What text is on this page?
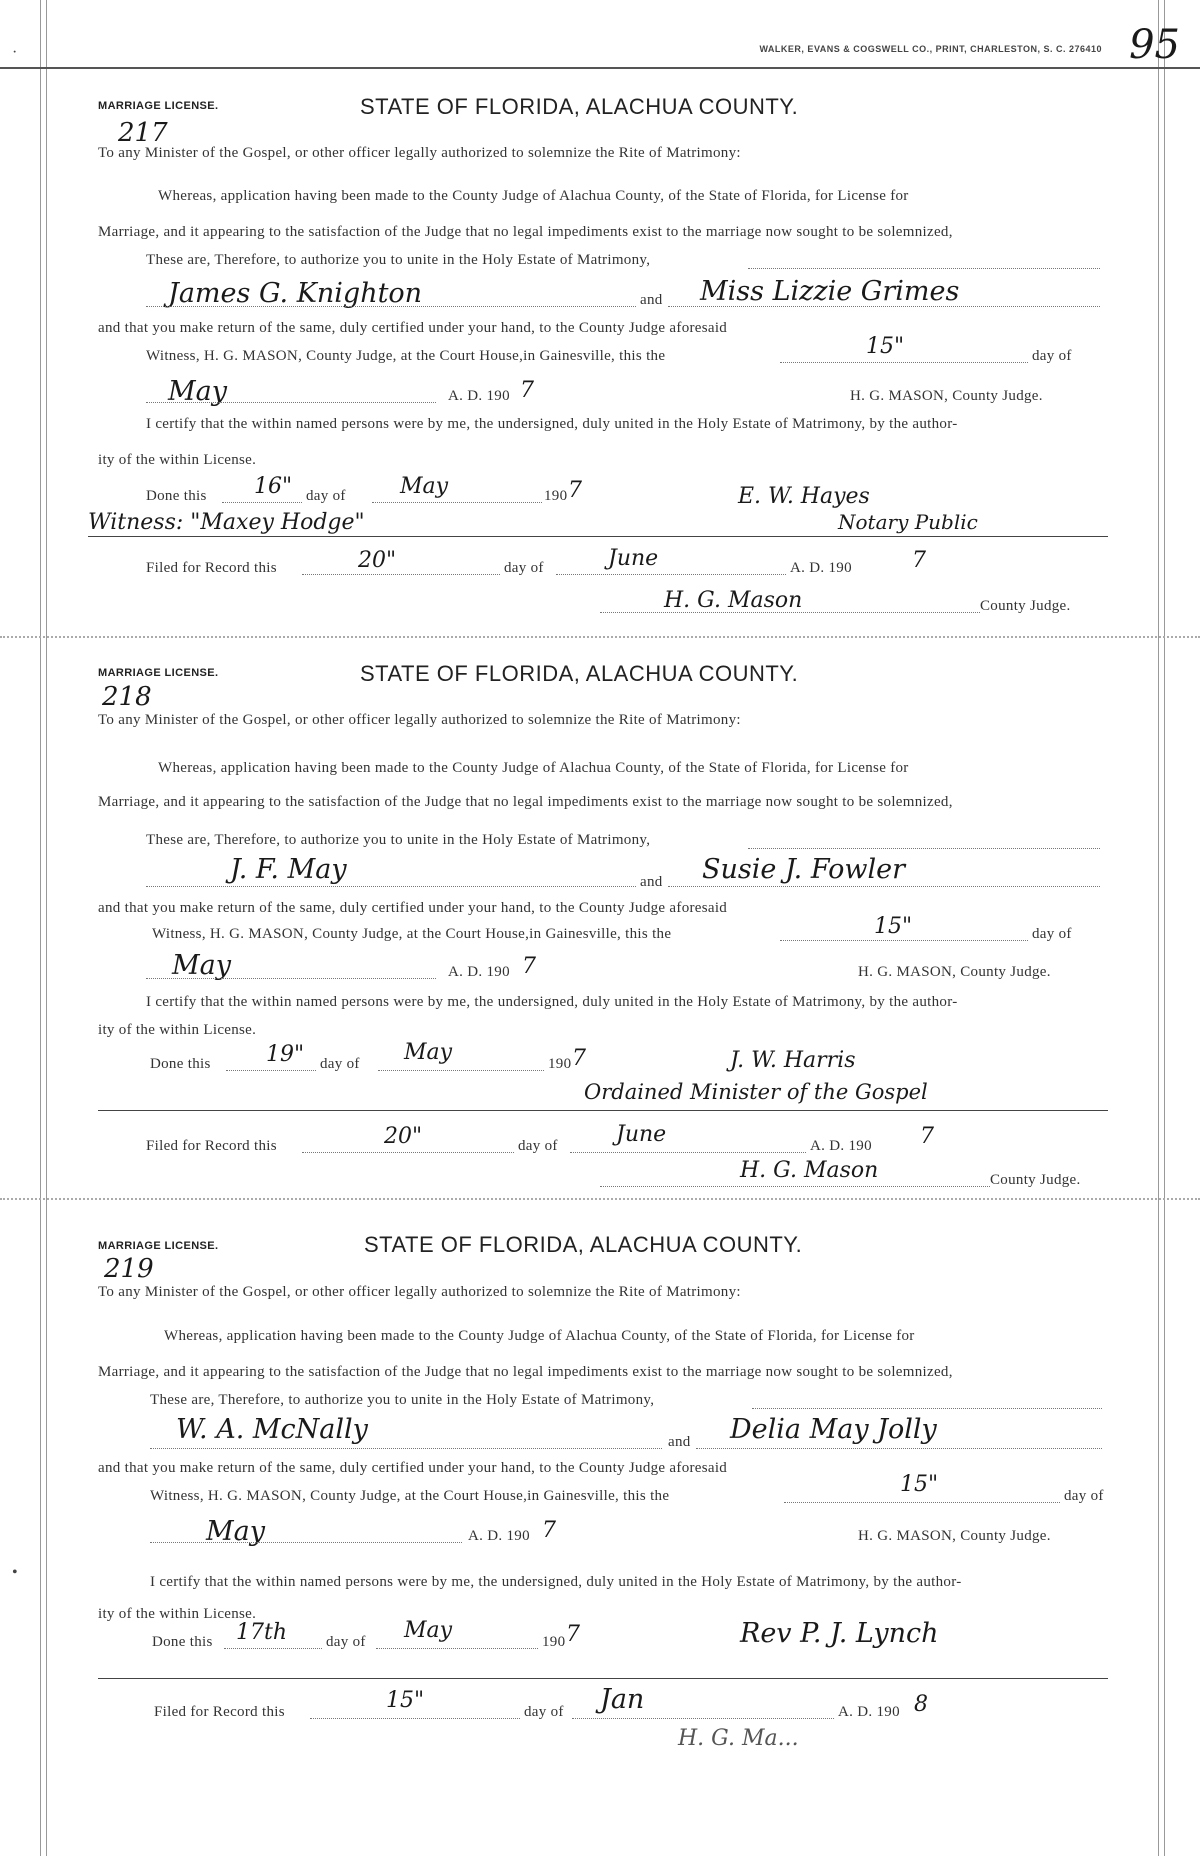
WALKER, EVANS & COGSWELL CO., PRINT, CHARLESTON, S. C. 276410 95
·
•
MARRIAGE LICENSE.	STATE OF FLORIDA, ALACHUA COUNTY.
217
To any Minister of the Gospel, or other officer legally authorized to solemnize the Rite of Matrimony:
Whereas, application having been made to the County Judge of Alachua County, of the State of Florida, for License for
Marriage, and it appearing to the satisfaction of the Judge that no legal impediments exist to the marriage now sought to be solemnized,
These are, Therefore, to authorize you to unite in the Holy Estate of Matrimony,
James G. Knighton	and Miss Lizzie Grimes
and that you make return of the same, duly certified under your hand, to the County Judge aforesaid
Witness, H. G. MASON, County Judge, at the Court House,in Gainesville, this the	15"	day of
May	A. D. 190 7	H. G. MASON, County Judge.
I certify that the within named persons were by me, the undersigned, duly united in the Holy Estate of Matrimony, by the author-
ity of the within License.
Done this 16" day of May	190 7	E. W. Hayes
Witness: "Maxey Hodge"	Notary Public
Filed for Record this	20"	day of	June	A. D. 190	7
H. G. Mason	County Judge.
MARRIAGE LICENSE.	STATE OF FLORIDA, ALACHUA COUNTY.
218
To any Minister of the Gospel, or other officer legally authorized to solemnize the Rite of Matrimony:
Whereas, application having been made to the County Judge of Alachua County, of the State of Florida, for License for
Marriage, and it appearing to the satisfaction of the Judge that no legal impediments exist to the marriage now sought to be solemnized,
These are, Therefore, to authorize you to unite in the Holy Estate of Matrimony,
J. F. May	and Susie J. Fowler
and that you make return of the same, duly certified under your hand, to the County Judge aforesaid
Witness, H. G. MASON, County Judge, at the Court House,in Gainesville, this the	15"	day of
May	A. D. 190 7	H. G. MASON, County Judge.
I certify that the within named persons were by me, the undersigned, duly united in the Holy Estate of Matrimony, by the author-
ity of the within License.
Done this	19" day of May	190 7	J. W. Harris
Ordained Minister of the Gospel
Filed for Record this	20"	day of	June	A. D. 190 7
H. G. Mason	County Judge.
MARRIAGE LICENSE.	STATE OF FLORIDA, ALACHUA COUNTY.
219
To any Minister of the Gospel, or other officer legally authorized to solemnize the Rite of Matrimony:
Whereas, application having been made to the County Judge of Alachua County, of the State of Florida, for License for
Marriage, and it appearing to the satisfaction of the Judge that no legal impediments exist to the marriage now sought to be solemnized,
These are, Therefore, to authorize you to unite in the Holy Estate of Matrimony,
W. A. McNally	and Delia May Jolly
and that you make return of the same, duly certified under your hand, to the County Judge aforesaid
Witness, H. G. MASON, County Judge, at the Court House,in Gainesville, this the	15"	day of
May	A. D. 190 7	H. G. MASON, County Judge.
I certify that the within named persons were by me, the undersigned, duly united in the Holy Estate of Matrimony, by the author-
ity of the within License.
Done this 17th	day of May	190 7	Rev P. J. Lynch
Filed for Record this	15"	day of Jan	A. D. 190 8
H. G. Ma...
